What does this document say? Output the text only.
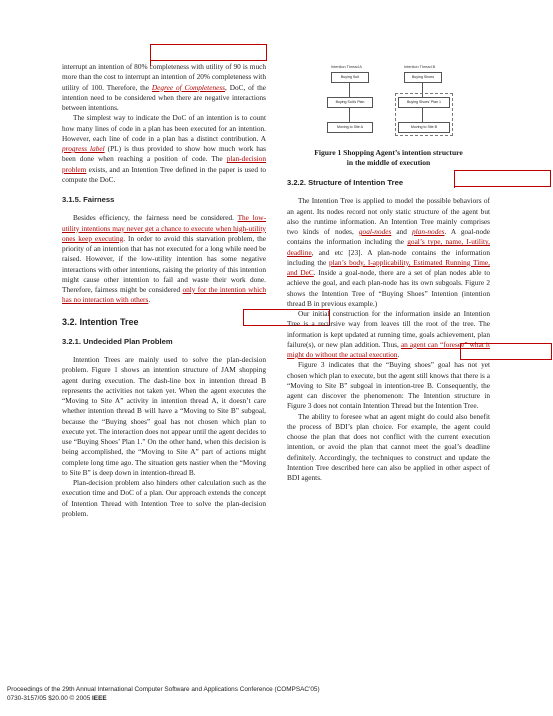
interrupt an intention of 80% completeness with utility of 90 is much more than the cost to interrupt an intention of 20% completeness with utility of 100. Therefore, the Degree of Completeness, DoC, of the intention need to be considered when there are negative interactions between intentions.

The simplest way to indicate the DoC of an intention is to count how many lines of code in a plan has been executed for an intention. However, each line of code in a plan has a distinct contribution. A progress label (PL) is thus provided to show how much work has been done when reaching a position of code. The plan-decision problem exists, and an Intention Tree defined in the paper is used to compute the DoC.

3.1.5. Fairness

Besides efficiency, the fairness need be considered. The low-utility intentions may never get a chance to execute when high-utility ones keep executing. In order to avoid this starvation problem, the priority of an intention that has not executed for a long while need be raised. However, if the low-utility intention has some negative interactions with other intentions, raising the priority of this intention might cause other intention to fail and waste their work done. Therefore, fairness might be considered only for the intention which has no interaction with others.

3.2. Intention Tree
3.2.1. Undecided Plan Problem

Intention Trees are mainly used to solve the plan-decision problem. Figure 1 shows an intention structure of JAM shopping agent during execution. The dash-line box in intention thread B represents the activities not taken yet. When the agent executes the “Moving to Site A” activity in intention thread A, it doesn’t care whether intention thread B will have a “Moving to Site B” subgoal, because the “Buying shoes” goal has not chosen which plan to execute yet. The interaction does not appear until the agent decides to use “Buying Shoes’ Plan 1.” On the other hand, when this decision is being accomplished, the “Moving to Site A” part of actions might complete long time ago. The situation gets nastier when the “Moving to Site B” is deep down in intention-thread B.

Plan-decision problem also hinders other calculation such as the execution time and DoC of a plan. Our approach extends the concept of Intention Thread with Intention Tree to solve the plan-decision problem.

Intention Thread A	Intention Thread B
Buying Suit
Buying Suit's Plan
Moving to Site A
Buying Shoes
Buying Shoes' Plan 1
Moving to Site B
Figure 1 Shopping Agent’s intention structure
in the middle of execution
3.2.2. Structure of Intention Tree

The Intention Tree is applied to model the possible behaviors of an agent. Its nodes record not only static structure of the agent but also the runtime information. An Intention Tree mainly comprises two kinds of nodes, goal-nodes and plan-nodes. A goal-node contains the information including the goal’s type, name, I-utility, deadline, and etc [23]. A plan-node contains the information including the plan’s body, I-applicability, Estimated Running Time, and DeC. Inside a goal-node, there are a set of plan nodes able to achieve the goal, and each plan-node has its own subgoals. Figure 2 shows the Intention Tree of “Buying Shoes” Intention (intention thread B in previous example.)

Our initial construction for the information inside an Intention Tree is a recursive way from leaves till the root of the tree. The information is kept updated at running time, goals achievement, plan failure(s), or new plan addition. Thus, an agent can “foresee” what it might do without the actual execution.

Figure 3 indicates that the “Buying shoes” goal has not yet chosen which plan to execute, but the agent still knows that there is a “Moving to Site B” subgoal in intention-tree B. Consequently, the agent can discover the phenomenon: The Intention structure in Figure 3 does not contain Intention Thread but the Intention Tree.

The ability to foresee what an agent might do could also benefit the process of BDI’s plan choice. For example, the agent could choose the plan that does not conflict with the current execution intention, or avoid the plan that cannot meet the goal’s deadline definitely. Accordingly, the techniques to construct and update the Intention Tree described here can also be applied in other aspect of BDI agents.

Proceedings of the 29th Annual International Computer Software and Applications Conference (COMPSAC’05)
0730-3157/05 $20.00 © 2005 IEEE
